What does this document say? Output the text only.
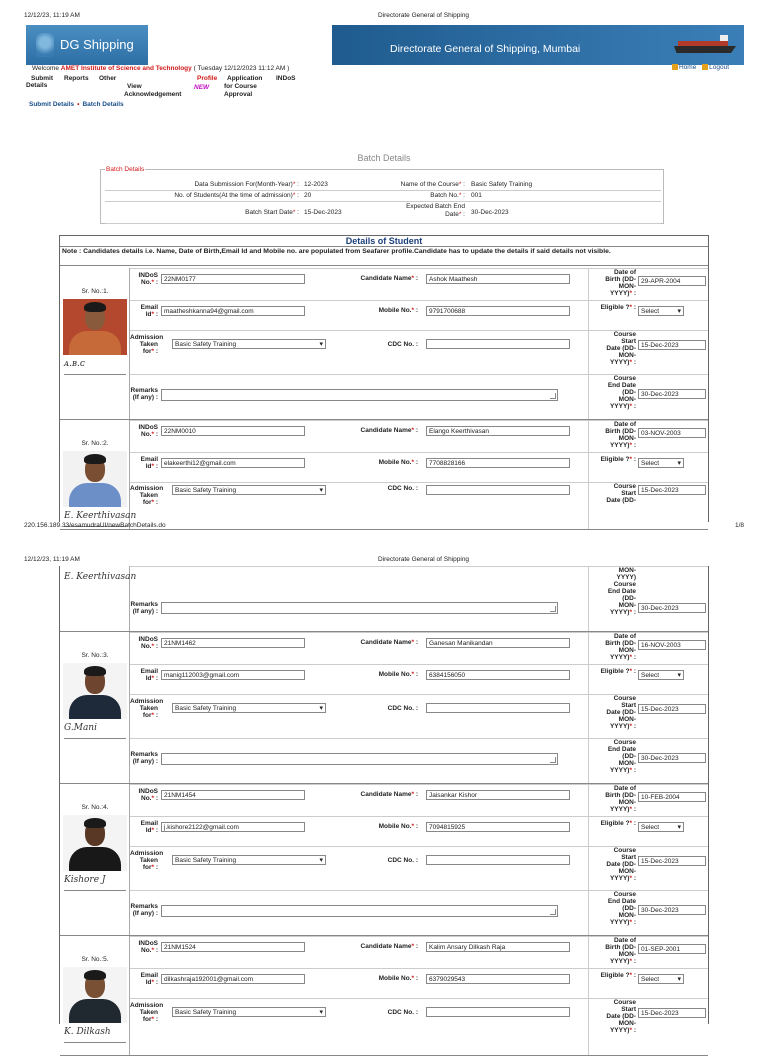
12/12/23, 11:19 AM	Directorate General of Shipping
DG Shipping	Directorate General of Shipping, Mumbai
Welcome AMET Institute of Science and Technology ( Tuesday 12/12/2023 11:12 AM )	Home Logout
Submit
Details
Reports Other
View
Acknowledgement
Profile
NEW
Application
for Course
Approval
INDoS
Submit Details • Batch Details
Batch Details
Batch Details
Data Submission For(Month-Year)* : 12-2023	Name of the Course* : Basic Safety Training
No. of Students(At the time of admission)* : 20	Batch No.* : 001
Batch Start Date* : 15-Dec-2023
Expected Batch End
Date* : 30-Dec-2023
Details of Student
Note : Candidates details i.e. Name, Date of Birth,Email Id and Mobile no. are populated from Seafarer profile.Candidate has to update the details if said details not visible.
Sr. No.:1.
ᴀ.ʙ.ᴄ
INDoS
No.* : 22NM0177	Candidate Name* :	Ashok Maathesh
Date of
Birth (DD-
MON-
YYYY)* :
29-APR-2004
Email
Id* : maatheshkanna94@gmail.com	Mobile No.* :	9791700688
Eligible ?* :
Select ▾
Admission
Taken
for* :
Basic Safety Training ▾	CDC No. :
Course
Start
Date (DD-
MON-
YYYY)* :
15-Dec-2023
Remarks
(If any) :
Course
End Date
(DD-
MON-
YYYY)* :
30-Dec-2023
Sr. No.:2.
E. Keerthivasan
INDoS
No.* : 22NM0010	Candidate Name* :	Elango Keerthivasan
Date of
Birth (DD-
MON-
YYYY)* :
03-NOV-2003
Email
Id* : elakeerthi12@gmail.com	Mobile No.* :	7708828166
Eligible ?* :
Select ▾
Admission
Taken
for* :
Basic Safety Training ▾	CDC No. :	Course
Start
Date (DD-
15-Dec-2023
220.156.189.33/esamudraUI/newBatchDetails.do	1/8
12/12/23, 11:19 AM	Directorate General of Shipping
E. Keerthivasan
Remarks
(If any) :
MON-
YYYY)
Course
End Date
(DD-
MON-
YYYY)* :
30-Dec-2023
Sr. No.:3.
G.Mani
INDoS
No.* : 21NM1462	Candidate Name* :	Ganesan Manikandan
Date of
Birth (DD-
MON-
YYYY)* :
16-NOV-2003
Email
Id* : manig112003@gmail.com	Mobile No.* :	6384156050
Eligible ?* :
Select ▾
Admission
Taken
for* :
Basic Safety Training ▾	CDC No. :
Course
Start
Date (DD-
MON-
YYYY)* :
15-Dec-2023
Remarks
(If any) :
Course
End Date
(DD-
MON-
YYYY)* :
30-Dec-2023
Sr. No.:4.
Kishore J
INDoS
No.* : 21NM1454	Candidate Name* :	Jaisankar Kishor
Date of
Birth (DD-
MON-
YYYY)* :
10-FEB-2004
Email
Id* : j.kishore2122@gmail.com	Mobile No.* :	7094815925
Eligible ?* :
Select ▾
Admission
Taken
for* :
Basic Safety Training ▾	CDC No. :
Course
Start
Date (DD-
MON-
YYYY)* :
15-Dec-2023
Remarks
(If any) :
Course
End Date
(DD-
MON-
YYYY)* :
30-Dec-2023
Sr. No.:5.
K. Dilkash
INDoS
No.* : 21NM1524	Candidate Name* :	Kalim Ansary Dilkash Raja
Date of
Birth (DD-
MON-
YYYY)* :
01-SEP-2001
Email
Id* : dilkashraja192001@gmail.com	Mobile No.* :	6379029543
Eligible ?* :
Select ▾
Admission
Taken
for* :
Basic Safety Training ▾	CDC No. :
Course
Start
Date (DD-
MON-
YYYY)* :
15-Dec-2023
